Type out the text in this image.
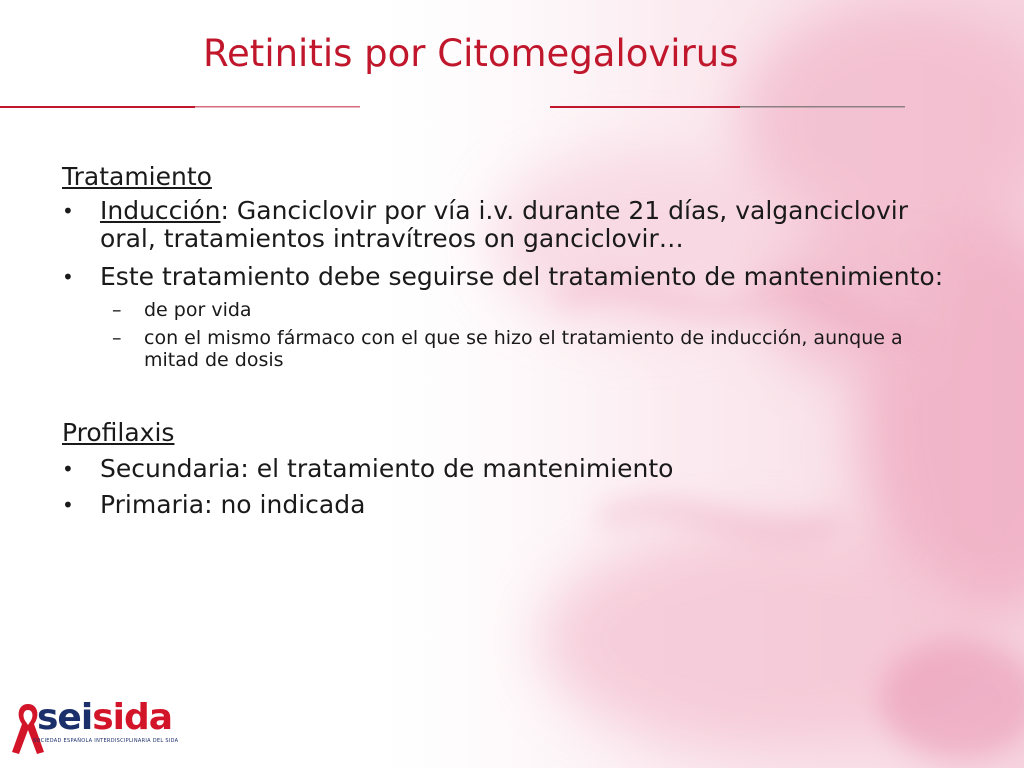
Retinitis por Citomegalovirus

Tratamiento

• Inducción: Ganciclovir por vía i.v. durante 21 días, valganciclovir oral, tratamientos intravítreos on ganciclovir…

• Este tratamiento debe seguirse del tratamiento de mantenimiento:

– de por vida

– con el mismo fármaco con el que se hizo el tratamiento de inducción, aunque a mitad de dosis

Profilaxis

• Secundaria: el tratamiento de mantenimiento

• Primaria: no indicada

seisida
SOCIEDAD ESPAÑOLA INTERDISCIPLINARIA DEL SIDA
